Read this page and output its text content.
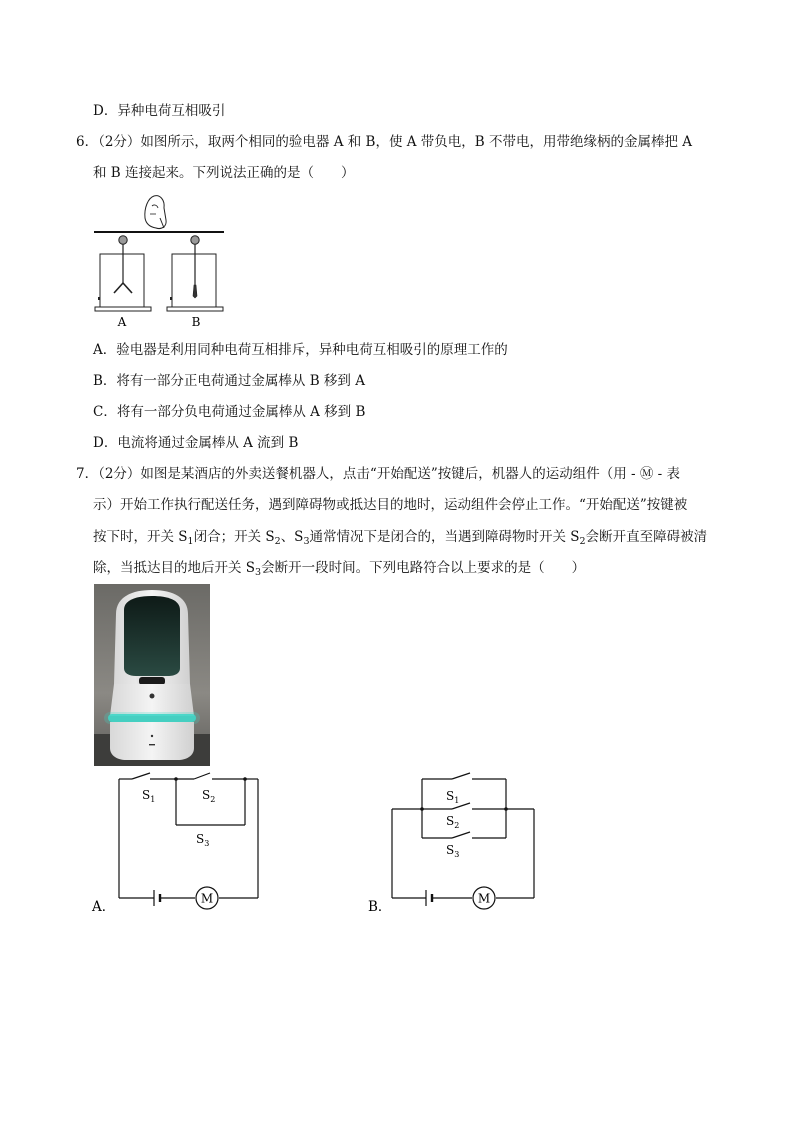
D．异种电荷互相吸引
6．（2分）如图所示，取两个相同的验电器 A 和 B，使 A 带负电，B 不带电，用带绝缘柄的金属棒把 A
和 B 连接起来。下列说法正确的是（　　）
A	B
A．验电器是利用同种电荷互相排斥，异种电荷互相吸引的原理工作的
B．将有一部分正电荷通过金属棒从 B 移到 A
C．将有一部分负电荷通过金属棒从 A 移到 B
D．电流将通过金属棒从 A 流到 B
7．（2分）如图是某酒店的外卖送餐机器人，点击“开始配送”按键后，机器人的运动组件（用 - Ⓜ - 表
示）开始工作执行配送任务，遇到障碍物或抵达目的地时，运动组件会停止工作。“开始配送”按键被
按下时，开关 $S_1$闭合；开关 $S_2$、$S_3$通常情况下是闭合的，当遇到障碍物时开关 $S_2$会断开直至障碍被清
除，当抵达目的地后开关 $S_3$会断开一段时间。下列电路符合以上要求的是（　　）
M
$S_1$	$S_2$
$S_3$
A．
M
$S_1$
$S_2$
$S_3$
B．
